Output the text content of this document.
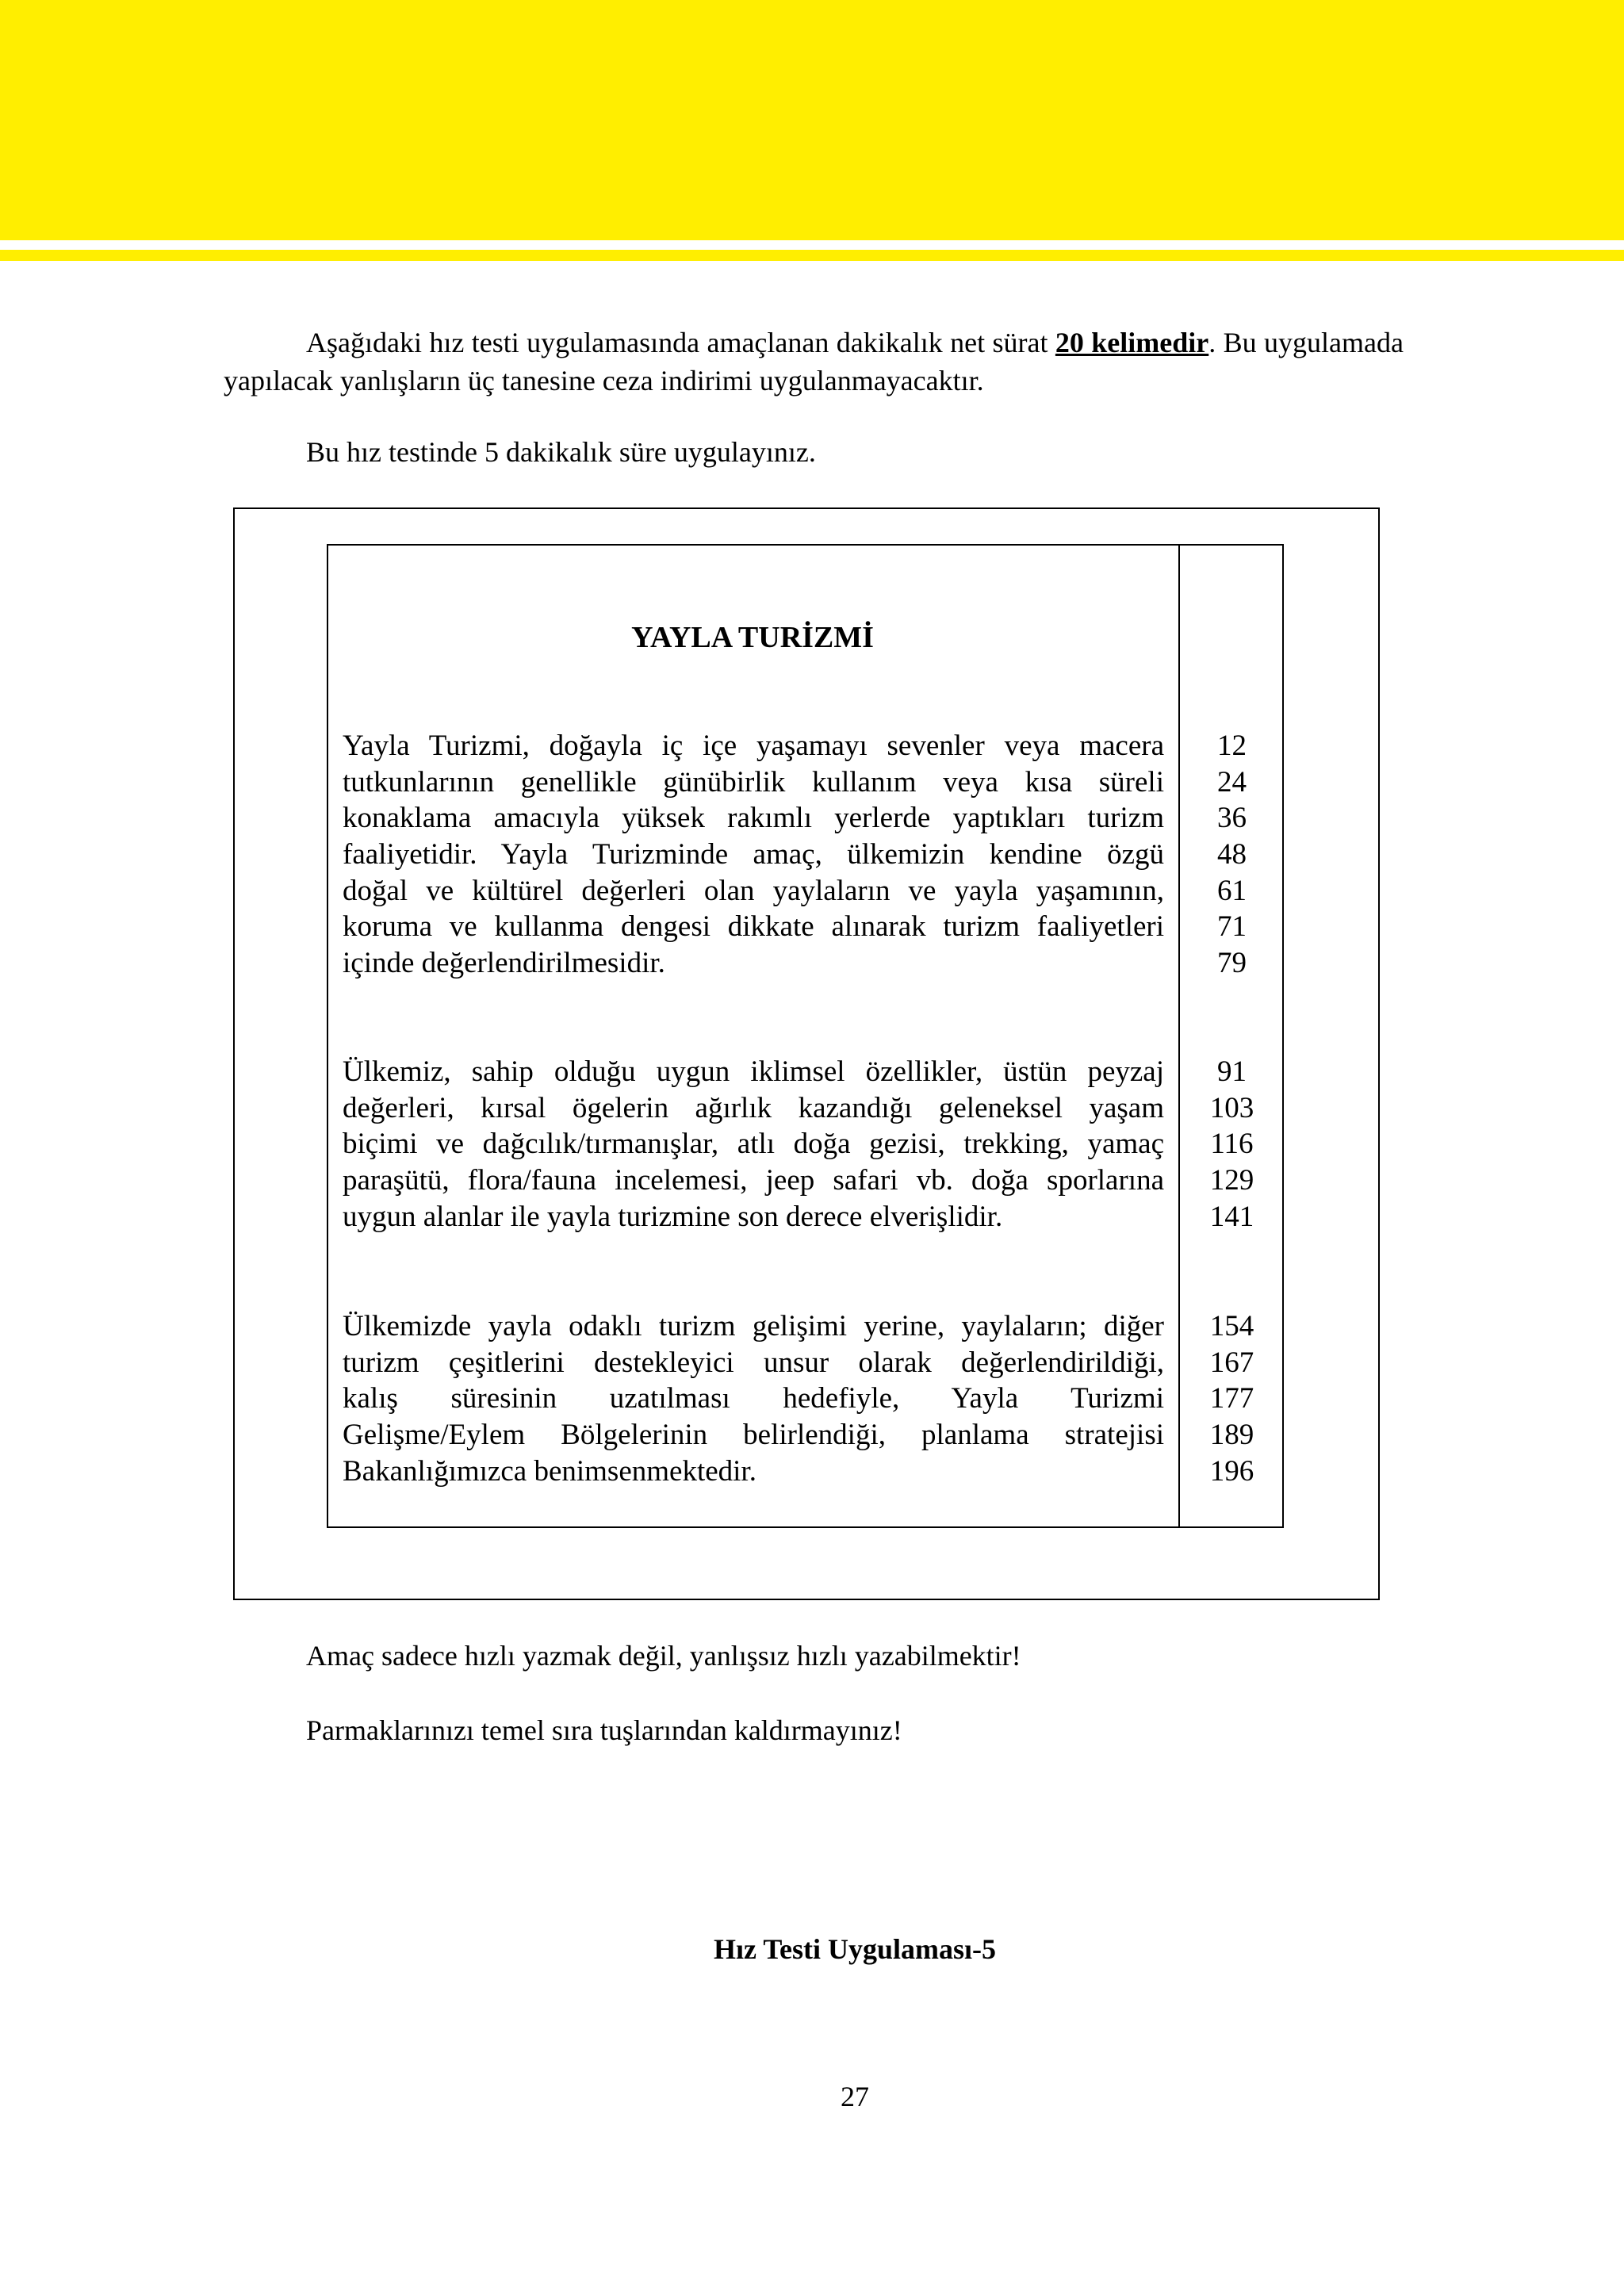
Aşağıdaki hız testi uygulamasında amaçlanan dakikalık net sürat 20 kelimedir. Bu uygulamada yapılacak yanlışların üç tanesine ceza indirimi uygulanmayacaktır.

Bu hız testinde 5 dakikalık süre uygulayınız.
YAYLA TURİZMİ
Yayla Turizmi, doğayla iç içe yaşamayı sevenler veya macera
tutkunlarının genellikle günübirlik kullanım veya kısa süreli
konaklama amacıyla yüksek rakımlı yerlerde yaptıkları turizm
faaliyetidir. Yayla Turizminde amaç, ülkemizin kendine özgü
doğal ve kültürel değerleri olan yaylaların ve yayla yaşamının,
koruma ve kullanma dengesi dikkate alınarak turizm faaliyetleri
içinde değerlendirilmesidir.
12
24
36
48
61
71
79
Ülkemiz, sahip olduğu uygun iklimsel özellikler, üstün peyzaj
değerleri, kırsal ögelerin ağırlık kazandığı geleneksel yaşam
biçimi ve dağcılık/tırmanışlar, atlı doğa gezisi, trekking, yamaç
paraşütü, flora/fauna incelemesi, jeep safari vb. doğa sporlarına
uygun alanlar ile yayla turizmine son derece elverişlidir.
91
103
116
129
141
Ülkemizde yayla odaklı turizm gelişimi yerine, yaylaların; diğer
turizm çeşitlerini destekleyici unsur olarak değerlendirildiği,
kalış süresinin uzatılması hedefiyle, Yayla Turizmi
Gelişme/Eylem Bölgelerinin belirlendiği, planlama stratejisi
Bakanlığımızca benimsenmektedir.
154
167
177
189
196
Amaç sadece hızlı yazmak değil, yanlışsız hızlı yazabilmektir!
Parmaklarınızı temel sıra tuşlarından kaldırmayınız!
Hız Testi Uygulaması-5
27
